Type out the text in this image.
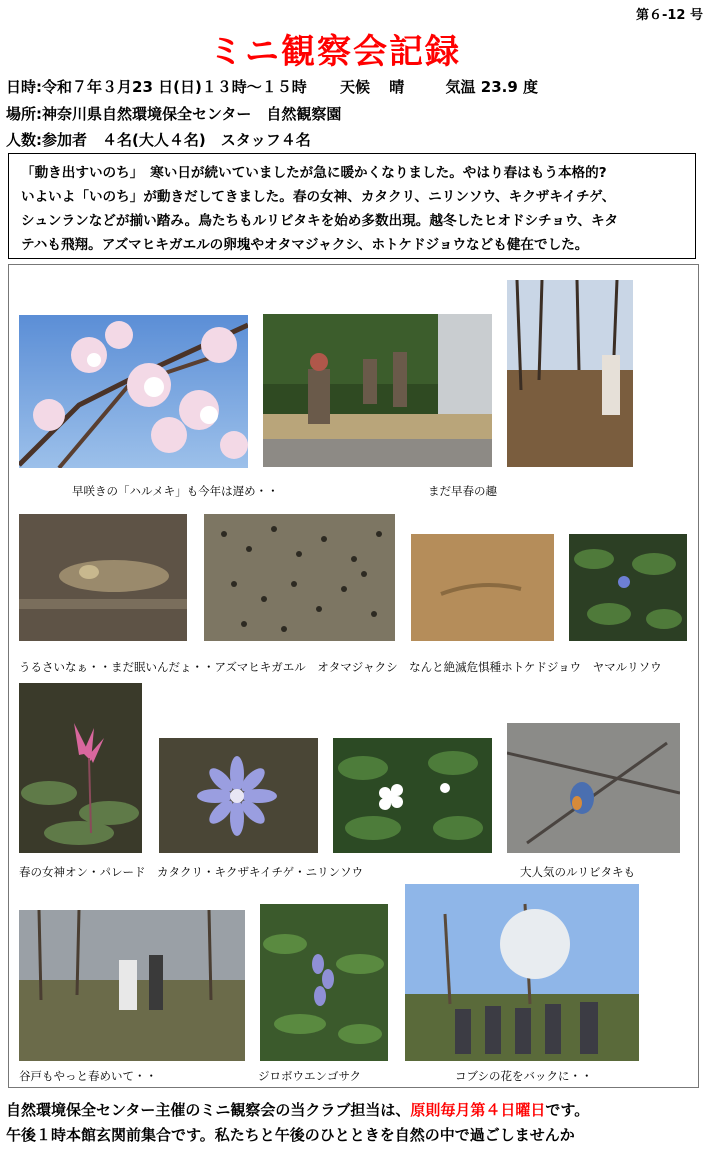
第６-12 号
ミニ観察会記録
日時:令和７年３月23 日(日)１３時～１５時 天候 晴	気温 23.9 度
場所:神奈川県自然環境保全センター　自然観察園
人数:参加者　４名(大人４名)　スタッフ４名
「動き出すいのち」　寒い日が続いていましたが急に暖かくなりました。やはり春はもう本格的?
いよいよ「いのち」が動きだしてきました。春の女神、カタクリ、ニリンソウ、キクザキイチゲ、
シュンランなどが揃い踏み。鳥たちもルリビタキを始め多数出現。越冬したヒオドシチョウ、キタ
テハも飛翔。アズマヒキガエルの卵塊やオタマジャクシ、ホトケドジョウなども健在でした。
早咲きの「ハルメキ」も今年は遅め・・	まだ早春の趣
うるさいなぁ・・まだ眠いんだょ・・アズマヒキガエル　オタマジャクシ　なんと絶滅危惧種ホトケドジョウ　ヤマルリソウ
春の女神オン・パレード　カタクリ・キクザキイチゲ・ニリンソウ	大人気のルリビタキも
谷戸もやっと春めいて・・	ジロボウエンゴサク	コブシの花をバックに・・
自然環境保全センター主催のミニ観察会の当クラブ担当は、原則毎月第４日曜日です。
午後１時本館玄関前集合です。私たちと午後のひとときを自然の中で過ごしませんか
